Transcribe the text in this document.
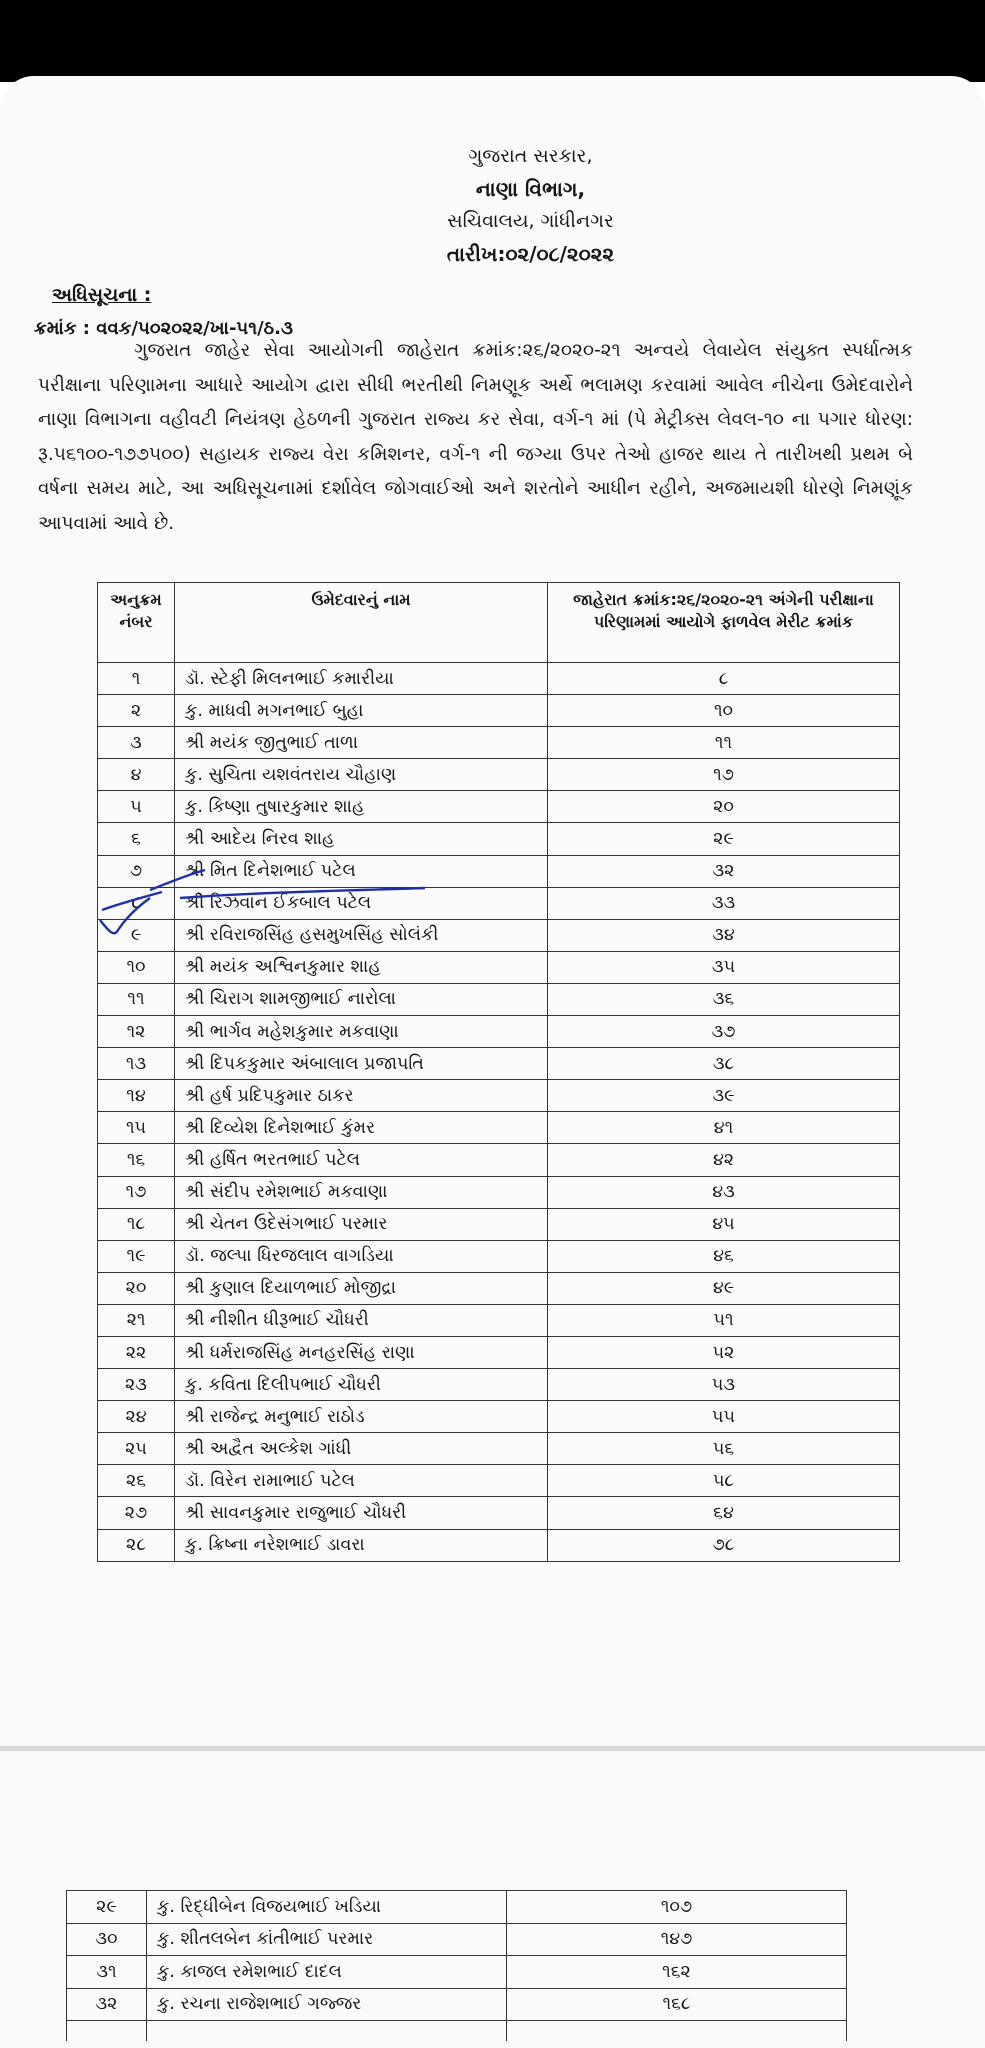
ગુજરાત સરકાર,
નાણા વિભાગ,
સચિવાલય, ગાંધીનગર
તારીખ:૦૨/૦૮/૨૦૨૨
અધિસૂચના :
ક્રમાંક : વવક/૫૦૨૦૨૨/ખા-૫૧/ઠ.૩
ગુજરાત જાહેર સેવા આયોગની જાહેરાત ક્રમાંક:૨૬/૨૦૨૦-૨૧ અન્વયે લેવાયેલ સંયુક્ત સ્પર્ધાત્મક પરીક્ષાના પરિણામના આધારે આયોગ દ્વારા સીધી ભરતીથી નિમણૂક અર્થે ભલામણ કરવામાં આવેલ નીચેના ઉમેદવારોને નાણા વિભાગના વહીવટી નિયંત્રણ હેઠળની ગુજરાત રાજ્ય કર સેવા, વર્ગ-૧ માં (પે મેટ્રીક્સ લેવલ-૧૦ ના પગાર ધોરણ: રૂ.૫૬૧૦૦-૧૭૭૫૦૦) સહાયક રાજ્ય વેરા કમિશનર, વર્ગ-૧ ની જગ્યા ઉપર તેઓ હાજર થાય તે તારીખથી પ્રથમ બે વર્ષના સમય માટે, આ અધિસૂચનામાં દર્શાવેલ જોગવાઈઓ અને શરતોને આધીન રહીને, અજમાયશી ધોરણે નિમણૂંક આપવામાં આવે છે.
અનુક્રમ નંબર	ઉમેદવારનું નામ	જાહેરાત ક્રમાંક:૨૬/૨૦૨૦-૨૧ અંગેની પરીક્ષાના પરિણામમાં આયોગે ફાળવેલ મેરીટ ક્રમાંક
૧	ડૉ. સ્ટેફી મિલનભાઈ કમારીયા	૮
૨	કુ. માધવી મગનભાઈ બુહા	૧૦
૩	શ્રી મયંક જીતુભાઈ તાળા	૧૧
૪	કુ. સુચિતા યશવંતરાય ચૌહાણ	૧૭
૫	કુ. કિષ્ણા તુષારકુમાર શાહ	૨૦
૬	શ્રી આદેય નિરવ શાહ	૨૯
૭	શ્રી મિત દિનેશભાઈ પટેલ	૩૨
૮	શ્રી રિઝવાન ઈકબાલ પટેલ	૩૩
૯	શ્રી રવિરાજસિંહ હસમુખસિંહ સોલંકી	૩૪
૧૦	શ્રી મયંક અશ્વિનકુમાર શાહ	૩૫
૧૧	શ્રી ચિરાગ શામજીભાઈ નારોલા	૩૬
૧૨	શ્રી ભાર્ગવ મહેશકુમાર મકવાણા	૩૭
૧૩	શ્રી દિપકકુમાર અંબાલાલ પ્રજાપતિ	૩૮
૧૪	શ્રી હર્ષ પ્રદિપકુમાર ઠાકર	૩૯
૧૫	શ્રી દિવ્યેશ દિનેશભાઈ કુંમર	૪૧
૧૬	શ્રી હર્ષિત ભરતભાઈ પટેલ	૪૨
૧૭	શ્રી સંદીપ રમેશભાઈ મકવાણા	૪૩
૧૮	શ્રી ચેતન ઉદેસંગભાઈ પરમાર	૪૫
૧૯	ડૉ. જલ્પા ધિરજલાલ વાગડિયા	૪૬
૨૦	શ્રી કુણાલ દિયાળભાઈ મોજીદ્રા	૪૯
૨૧	શ્રી નીશીત ધીરૂભાઈ ચૌધરી	૫૧
૨૨	શ્રી ધર્મરાજસિંહ મનહરસિંહ રાણા	૫૨
૨૩	કુ. કવિતા દિલીપભાઈ ચૌધરી	૫૩
૨૪	શ્રી રાજેન્દ્ર મનુભાઈ રાઠોડ	૫૫
૨૫	શ્રી અદ્વૈત અલ્કેશ ગાંધી	૫૬
૨૬	ડૉ. વિરેન રામાભાઈ પટેલ	૫૮
૨૭	શ્રી સાવનકુમાર રાજુભાઈ ચૌધરી	૬૪
૨૮	કુ. ક્રિષ્ના નરેશભાઈ ડાવરા	૭૮
૨૯	કુ. રિદ્ધીબેન વિજયભાઈ ખડિયા	૧૦૭
૩૦	કુ. શીતલબેન કાંતીભાઈ પરમાર	૧૪૭
૩૧	કુ. કાજલ રમેશભાઈ દાદલ	૧૬૨
૩૨	કુ. રચના રાજેશભાઈ ગજ્જર	૧૬૮
